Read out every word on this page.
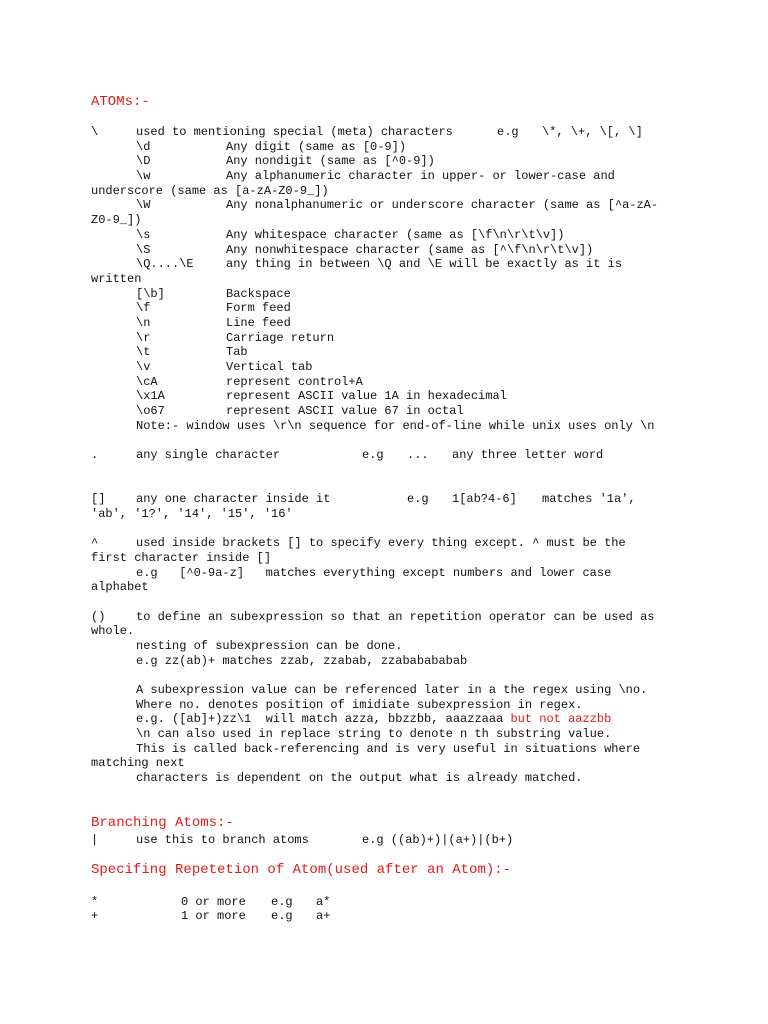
ATOMs:-
\	used to mentioning special (meta) characters	e.g \*, \+, \[, \]
\d	Any digit (same as [0-9])
\D	Any nondigit (same as [^0-9])
\w	Any alphanumeric character in upper- or lower-case and
underscore (same as [a-zA-Z0-9_])
\W	Any nonalphanumeric or underscore character (same as [^a-zA-
Z0-9_])
\s	Any whitespace character (same as [\f\n\r\t\v])
\S	Any nonwhitespace character (same as [^\f\n\r\t\v])
\Q....\E	any thing in between \Q and \E will be exactly as it is
written
[\b]	Backspace
\f	Form feed
\n	Line feed
\r	Carriage return
\t	Tab
\v	Vertical tab
\cA	represent control+A
\x1A	represent ASCII value 1A in hexadecimal
\o67	represent ASCII value 67 in octal
Note:- window uses \r\n sequence for end-of-line while unix uses only \n
.	any single character	e.g ... any three letter word
[]	any one character inside it	e.g 1[ab?4-6] matches '1a',
'ab', '1?', '14', '15', '16'
^	used inside brackets [] to specify every thing except. ^ must be the
first character inside []
e.g   [^0-9a-z]   matches everything except numbers and lower case
alphabet
()	to define an subexpression so that an repetition operator can be used as
whole.
nesting of subexpression can be done.
e.g zz(ab)+ matches zzab, zzabab, zzababababab
A subexpression value can be referenced later in a the regex using \no.
Where no. denotes position of imidiate subexpression in regex.
e.g. ([ab]+)zz\1  will match azza, bbzzbb, aaazzaaa but not aazzbb
\n can also used in replace string to denote n th substring value.
This is called back-referencing and is very useful in situations where
matching next
characters is dependent on the output what is already matched.
Branching Atoms:-
|	use this to branch atoms	e.g ((ab)+)|(a+)|(b+)
Specifing Repetetion of Atom(used after an Atom):-
*	0 or more e.g a*
+	1 or more e.g a+
